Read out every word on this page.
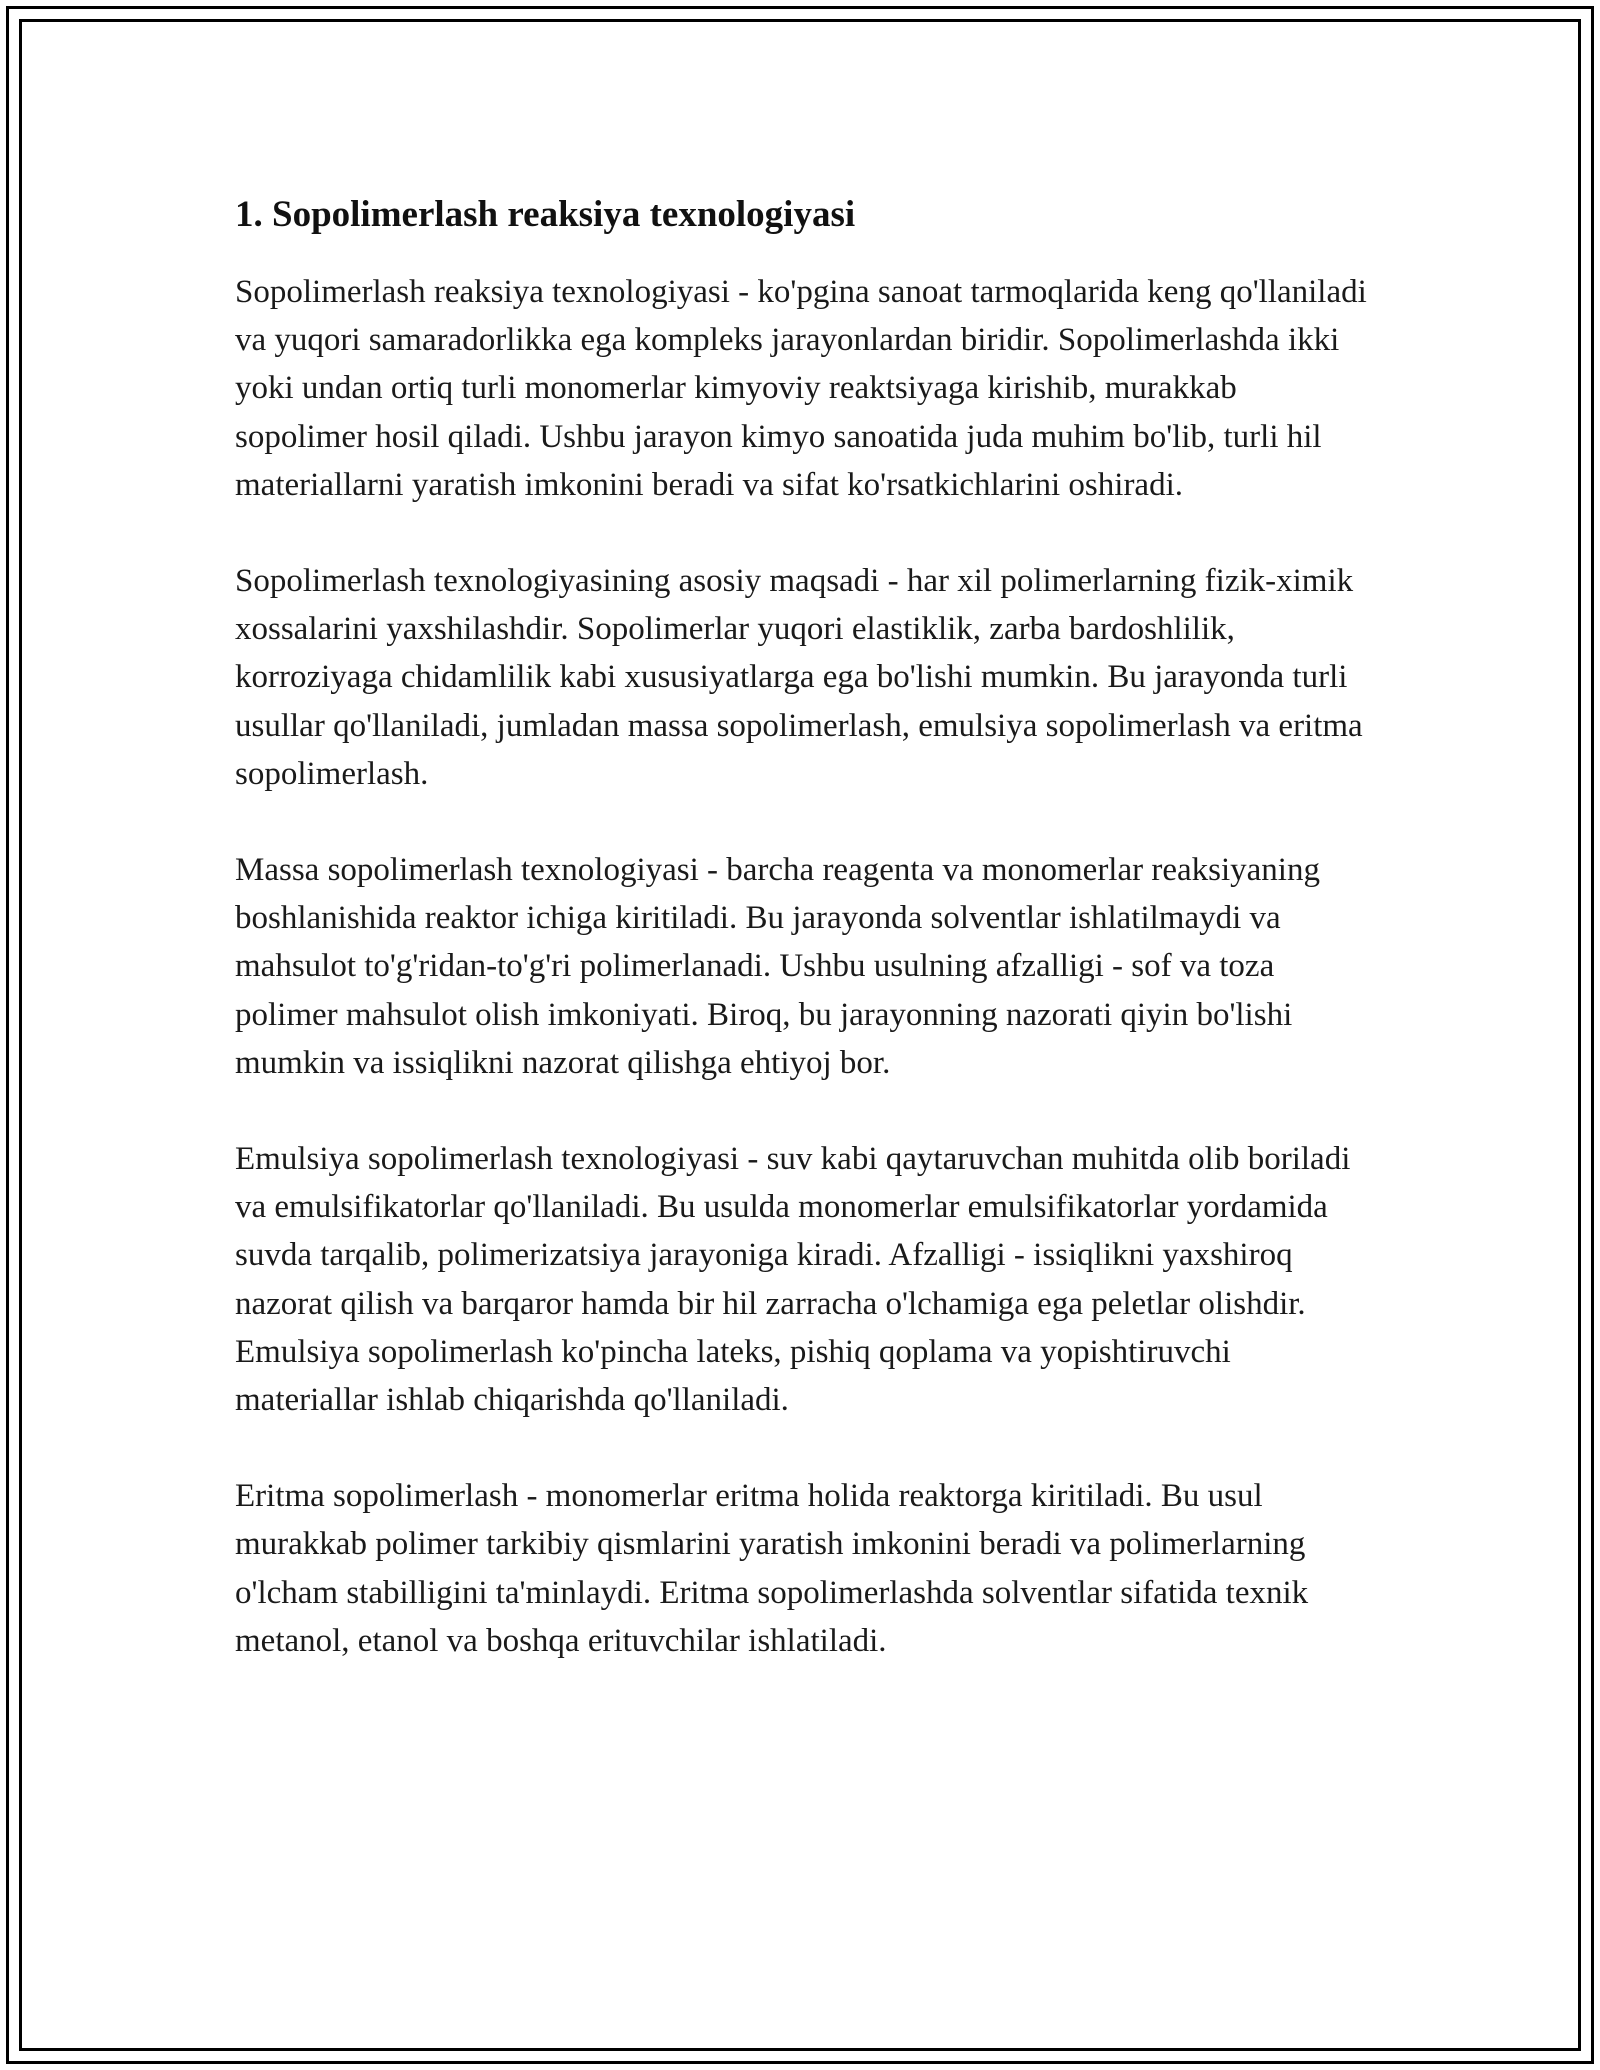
1. Sopolimerlash reaksiya texnologiyasi

Sopolimerlash reaksiya texnologiyasi - ko'pgina sanoat tarmoqlarida keng qo'llaniladi va yuqori samaradorlikka ega kompleks jarayonlardan biridir. Sopolimerlashda ikki yoki undan ortiq turli monomerlar kimyoviy reaktsiyaga kirishib, murakkab sopolimer hosil qiladi. Ushbu jarayon kimyo sanoatida juda muhim bo'lib, turli hil materiallarni yaratish imkonini beradi va sifat ko'rsatkichlarini oshiradi.

Sopolimerlash texnologiyasining asosiy maqsadi - har xil polimerlarning fizik-ximik xossalarini yaxshilashdir. Sopolimerlar yuqori elastiklik, zarba bardoshlilik, korroziyaga chidamlilik kabi xususiyatlarga ega bo'lishi mumkin. Bu jarayonda turli usullar qo'llaniladi, jumladan massa sopolimerlash, emulsiya sopolimerlash va eritma sopolimerlash.

Massa sopolimerlash texnologiyasi - barcha reagenta va monomerlar reaksiyaning boshlanishida reaktor ichiga kiritiladi. Bu jarayonda solventlar ishlatilmaydi va mahsulot to'g'ridan-to'g'ri polimerlanadi. Ushbu usulning afzalligi - sof va toza polimer mahsulot olish imkoniyati. Biroq, bu jarayonning nazorati qiyin bo'lishi mumkin va issiqlikni nazorat qilishga ehtiyoj bor.

Emulsiya sopolimerlash texnologiyasi - suv kabi qaytaruvchan muhitda olib boriladi va emulsifikatorlar qo'llaniladi. Bu usulda monomerlar emulsifikatorlar yordamida suvda tarqalib, polimerizatsiya jarayoniga kiradi. Afzalligi - issiqlikni yaxshiroq nazorat qilish va barqaror hamda bir hil zarracha o'lchamiga ega peletlar olishdir. Emulsiya sopolimerlash ko'pincha lateks, pishiq qoplama va yopishtiruvchi materiallar ishlab chiqarishda qo'llaniladi.

Eritma sopolimerlash - monomerlar eritma holida reaktorga kiritiladi. Bu usul murakkab polimer tarkibiy qismlarini yaratish imkonini beradi va polimerlarning o'lcham stabilligini ta'minlaydi. Eritma sopolimerlashda solventlar sifatida texnik metanol, etanol va boshqa erituvchilar ishlatiladi.
